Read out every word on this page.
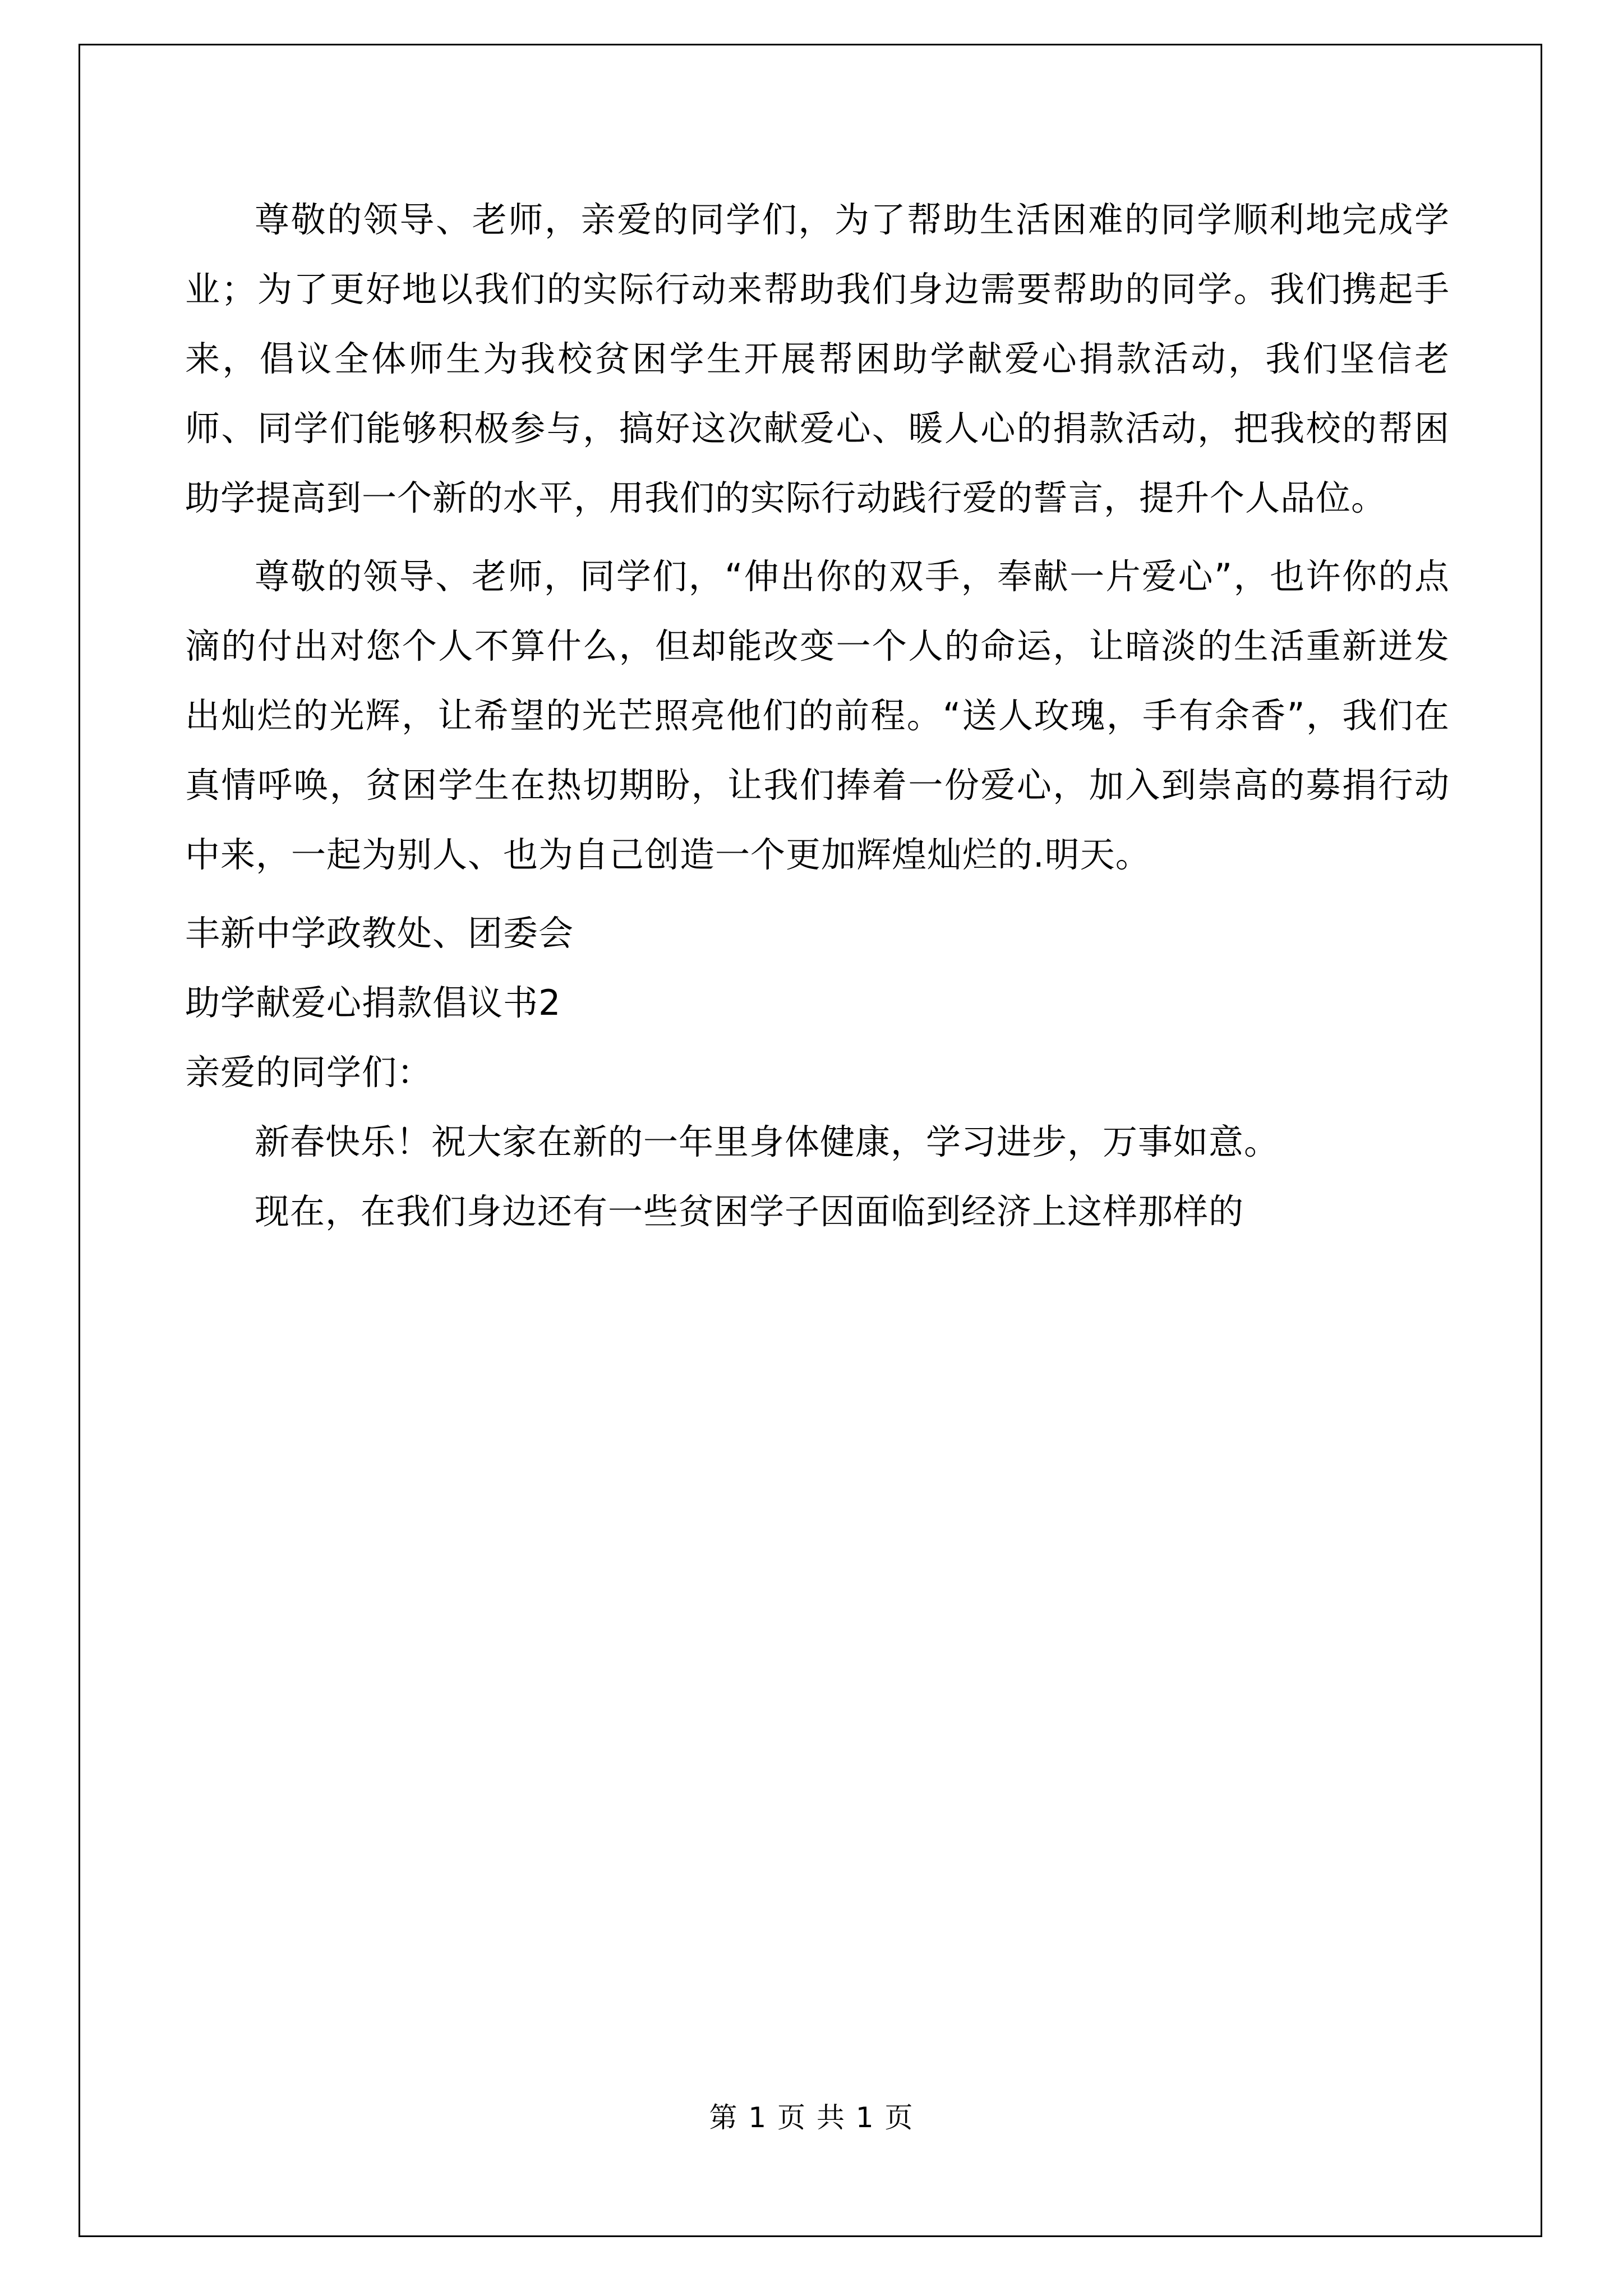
尊敬的领导、老师，亲爱的同学们，为了帮助生活困难的同学顺利地完成学业；为了更好地以我们的实际行动来帮助我们身边需要帮助的同学。我们携起手来，倡议全体师生为我校贫困学生开展帮困助学献爱心捐款活动，我们坚信老师、同学们能够积极参与，搞好这次献爱心、暖人心的捐款活动，把我校的帮困助学提高到一个新的水平，用我们的实际行动践行爱的誓言，提升个人品位。

尊敬的领导、老师，同学们，“伸出你的双手，奉献一片爱心”，也许你的点滴的付出对您个人不算什么，但却能改变一个人的命运，让暗淡的生活重新迸发出灿烂的光辉，让希望的光芒照亮他们的前程。“送人玫瑰，手有余香”，我们在真情呼唤，贫困学生在热切期盼，让我们捧着一份爱心，加入到崇高的募捐行动中来，一起为别人、也为自己创造一个更加辉煌灿烂的.明天。

丰新中学政教处、团委会

助学献爱心捐款倡议书2

亲爱的同学们：

新春快乐！祝大家在新的一年里身体健康，学习进步，万事如意。

现在，在我们身边还有一些贫困学子因面临到经济上这样那样的

第 1 页 共 1 页
